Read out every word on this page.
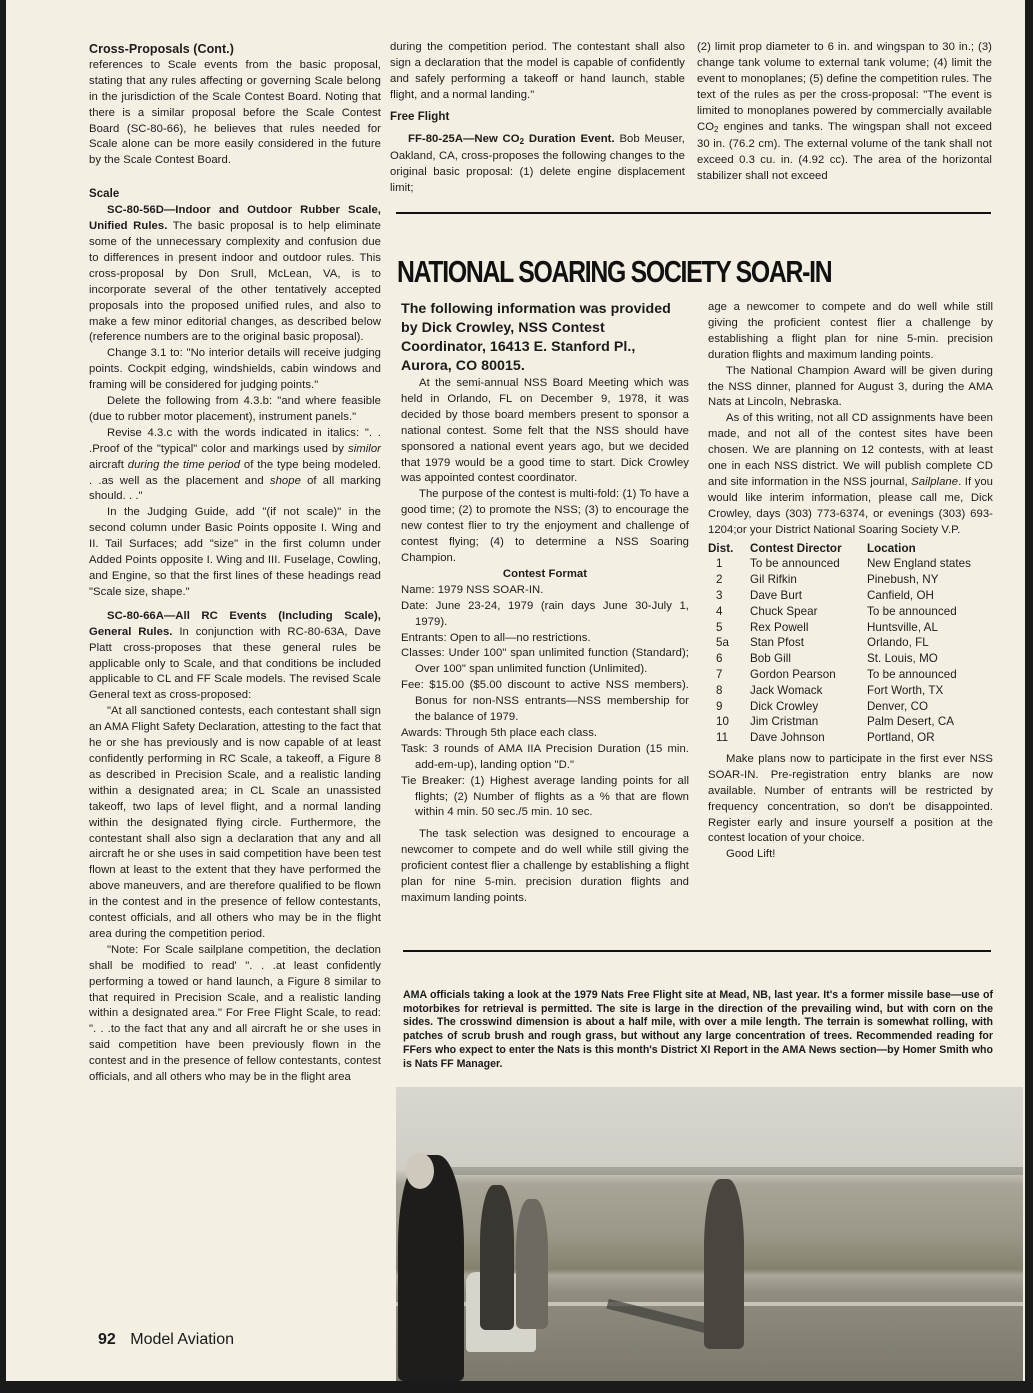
Cross-Proposals (Cont.)

references to Scale events from the basic proposal, stating that any rules affecting or governing Scale belong in the jurisdiction of the Scale Contest Board. Noting that there is a similar proposal before the Scale Contest Board (SC-80-66), he believes that rules needed for Scale alone can be more easily considered in the future by the Scale Contest Board.

Scale

SC-80-56D—Indoor and Outdoor Rubber Scale, Unified Rules. The basic proposal is to help eliminate some of the unnecessary complexity and confusion due to differences in present indoor and outdoor rules. This cross-proposal by Don Srull, McLean, VA, is to incorporate several of the other tentatively accepted proposals into the proposed unified rules, and also to make a few minor editorial changes, as described below (reference numbers are to the original basic proposal).

Change 3.1 to: "No interior details will receive judging points. Cockpit edging, windshields, cabin windows and framing will be considered for judging points."

Delete the following from 4.3.b: "and where feasible (due to rubber motor placement), instrument panels."

Revise 4.3.c with the words indicated in italics: ". . .Proof of the "typical" color and markings used by similor aircraft during the time period of the type being modeled. . .as well as the placement and shope of all marking should. . ."

In the Judging Guide, add "(if not scale)" in the second column under Basic Points opposite I. Wing and II. Tail Surfaces; add "size" in the first column under Added Points opposite I. Wing and III. Fuselage, Cowling, and Engine, so that the first lines of these headings read "Scale size, shape."

SC-80-66A—All RC Events (Including Scale), General Rules. In conjunction with RC-80-63A, Dave Platt cross-proposes that these general rules be applicable only to Scale, and that conditions be included applicable to CL and FF Scale models. The revised Scale General text as cross-proposed:

"At all sanctioned contests, each contestant shall sign an AMA Flight Safety Declaration, attesting to the fact that he or she has previously and is now capable of at least confidently performing in RC Scale, a takeoff, a Figure 8 as described in Precision Scale, and a realistic landing within a designated area; in CL Scale an unassisted takeoff, two laps of level flight, and a normal landing within the designated flying circle. Furthermore, the contestant shall also sign a declaration that any and all aircraft he or she uses in said competition have been test flown at least to the extent that they have performed the above maneuvers, and are therefore qualified to be flown in the contest and in the presence of fellow contestants, contest officials, and all others who may be in the flight area during the competition period.

"Note: For Scale sailplane competition, the declation shall be modified to read' ". . .at least confidently performing a towed or hand launch, a Figure 8 similar to that required in Precision Scale, and a realistic landing within a designated area." For Free Flight Scale, to read: ". . .to the fact that any and all aircraft he or she uses in said competition have been previously flown in the contest and in the presence of fellow contestants, contest officials, and all others who may be in the flight area

during the competition period. The contestant shall also sign a declaration that the model is capable of confidently and safely performing a takeoff or hand launch, stable flight, and a normal landing."

Free Flight

FF-80-25A—New $CO_2$ Duration Event. Bob Meuser, Oakland, CA, cross-proposes the following changes to the original basic proposal: (1) delete engine displacement limit;

(2) limit prop diameter to 6 in. and wingspan to 30 in.; (3) change tank volume to external tank volume; (4) limit the event to monoplanes; (5) define the competition rules. The text of the rules as per the cross-proposal: "The event is limited to monoplanes powered by commercially available $CO_2$ engines and tanks. The wingspan shall not exceed 30 in. (76.2 cm). The external volume of the tank shall not exceed 0.3 cu. in. (4.92 cc). The area of the horizontal stabilizer shall not exceed

NATIONAL SOARING SOCIETY SOAR-IN

The following information was provided by Dick Crowley, NSS Contest Coordinator, 16413 E. Stanford Pl., Aurora, CO 80015.

At the semi-annual NSS Board Meeting which was held in Orlando, FL on December 9, 1978, it was decided by those board members present to sponsor a national contest. Some felt that the NSS should have sponsored a national event years ago, but we decided that 1979 would be a good time to start. Dick Crowley was appointed contest coordinator.

The purpose of the contest is multi-fold: (1) To have a good time; (2) to promote the NSS; (3) to encourage the new contest flier to try the enjoyment and challenge of contest flying; (4) to determine a NSS Soaring Champion.

Contest Format

Name: 1979 NSS SOAR-IN.

Date: June 23-24, 1979 (rain days June 30-July 1, 1979).

Entrants: Open to all—no restrictions.

Classes: Under 100" span unlimited function (Standard); Over 100" span unlimited function (Unlimited).

Fee: $15.00 ($5.00 discount to active NSS members). Bonus for non-NSS entrants—NSS membership for the balance of 1979.

Awards: Through 5th place each class.

Task: 3 rounds of AMA IIA Precision Duration (15 min. add-em-up), landing option "D."

Tie Breaker: (1) Highest average landing points for all flights; (2) Number of flights as a % that are flown within 4 min. 50 sec./5 min. 10 sec.

The task selection was designed to encourage a newcomer to compete and do well while still giving the proficient contest flier a challenge by establishing a flight plan for nine 5-min. precision duration flights and maximum landing points.

age a newcomer to compete and do well while still giving the proficient contest flier a challenge by establishing a flight plan for nine 5-min. precision duration flights and maximum landing points.

The National Champion Award will be given during the NSS dinner, planned for August 3, during the AMA Nats at Lincoln, Nebraska.

As of this writing, not all CD assignments have been made, and not all of the contest sites have been chosen. We are planning on 12 contests, with at least one in each NSS district. We will publish complete CD and site information in the NSS journal, Sailplane. If you would like interim information, please call me, Dick Crowley, days (303) 773-6374, or evenings (303) 693-1204;or your District National Soaring Society V.P.

Dist.	Contest Director	Location
1	To be announced	New England states
2	Gil Rifkin	Pinebush, NY
3	Dave Burt	Canfield, OH
4	Chuck Spear	To be announced
5	Rex Powell	Huntsville, AL
5a	Stan Pfost	Orlando, FL
6	Bob Gill	St. Louis, MO
7	Gordon Pearson	To be announced
8	Jack Womack	Fort Worth, TX
9	Dick Crowley	Denver, CO
10	Jim Cristman	Palm Desert, CA
11	Dave Johnson	Portland, OR

Make plans now to participate in the first ever NSS SOAR-IN. Pre-registration entry blanks are now available. Number of entrants will be restricted by frequency concentration, so don't be disappointed. Register early and insure yourself a position at the contest location of your choice.

Good Lift!

AMA officials taking a look at the 1979 Nats Free Flight site at Mead, NB, last year. It's a former missile base—use of motorbikes for retrieval is permitted. The site is large in the direction of the prevailing wind, but with corn on the sides. The crosswind dimension is about a half mile, with over a mile length. The terrain is somewhat rolling, with patches of scrub brush and rough grass, but without any large concentration of trees. Recommended reading for FFers who expect to enter the Nats is this month's District XI Report in the AMA News section—by Homer Smith who is Nats FF Manager.

92 Model Aviation
